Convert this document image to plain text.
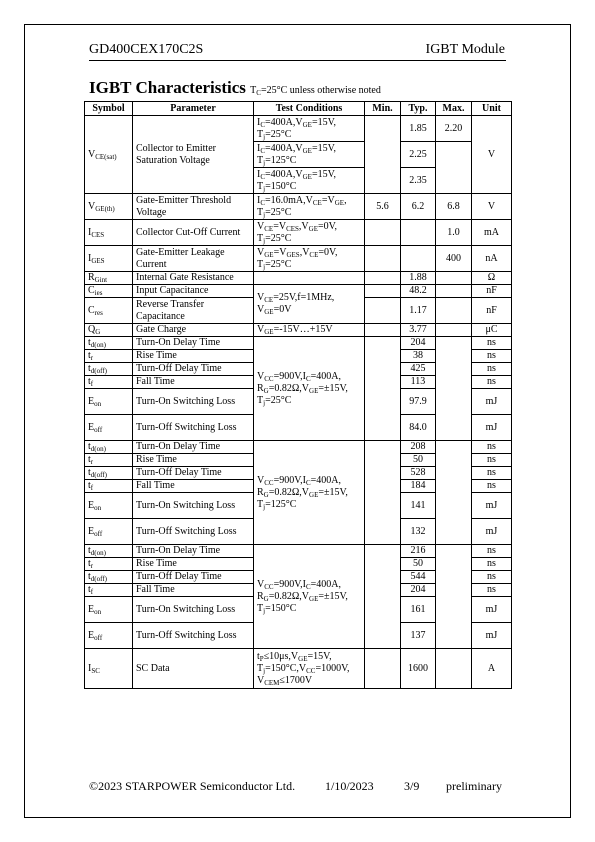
GD400CEX170C2S	IGBT Module
IGBT Characteristics $T_C=25^\circ C$ unless otherwise noted
Symbol	Parameter	Test Conditions	Min.	Typ.	Max.	Unit
$V_{CE(sat)}$	Collector to Emitter Saturation Voltage	$I_C=400A,V_{GE}=15V$, $T_j=25^\circ C$		1.85	2.20	V
		$I_C=400A,V_{GE}=15V$, $T_j=125^\circ C$		2.25		
		$I_C=400A,V_{GE}=15V$, $T_j=150^\circ C$		2.35		
$V_{GE(th)}$	Gate-Emitter Threshold Voltage	$I_C=16.0mA,V_{CE}=V_{GE}$, $T_j=25^\circ C$	5.6	6.2	6.8	V
$I_{CES}$	Collector Cut-Off Current	$V_{CE}=V_{CES},V_{GE}=0V$, $T_j=25^\circ C$			1.0	mA
$I_{GES}$	Gate-Emitter Leakage Current	$V_{GE}=V_{GES},V_{CE}=0V$, $T_j=25^\circ C$			400	nA
$R_{Gint}$	Internal Gate Resistance			1.88		Ω
$C_{ies}$	Input Capacitance	$V_{CE}=25V,f=1MHz$, $V_{GE}=0V$		48.2		nF
$C_{res}$	Reverse Transfer Capacitance			1.17		nF
$Q_G$	Gate Charge	$V_{GE}=-15V\dots+15V$		3.77		μC
$t_{d(on)}$	Turn-On Delay Time	$V_{CC}=900V,I_C=400A$, $R_G=0.82\Omega,V_{GE}=\pm 15V$, $T_j=25^\circ C$		204		ns
$t_r$	Rise Time			38		ns
$t_{d(off)}$	Turn-Off Delay Time			425		ns
$t_f$	Fall Time			113		ns
$E_{on}$	Turn-On Switching Loss			97.9		mJ
$E_{off}$	Turn-Off Switching Loss			84.0		mJ
$t_{d(on)}$	Turn-On Delay Time	$V_{CC}=900V,I_C=400A$, $R_G=0.82\Omega,V_{GE}=\pm 15V$, $T_j=125^\circ C$		208		ns
$t_r$	Rise Time			50		ns
$t_{d(off)}$	Turn-Off Delay Time			528		ns
$t_f$	Fall Time			184		ns
$E_{on}$	Turn-On Switching Loss			141		mJ
$E_{off}$	Turn-Off Switching Loss			132		mJ
$t_{d(on)}$	Turn-On Delay Time	$V_{CC}=900V,I_C=400A$, $R_G=0.82\Omega,V_{GE}=\pm 15V$, $T_j=150^\circ C$		216		ns
$t_r$	Rise Time			50		ns
$t_{d(off)}$	Turn-Off Delay Time			544		ns
$t_f$	Fall Time			204		ns
$E_{on}$	Turn-On Switching Loss			161		mJ
$E_{off}$	Turn-Off Switching Loss			137		mJ
$I_{SC}$	SC Data	$t_P\le 10\mu s,V_{GE}=15V$, $T_j=150^\circ C,V_{CC}=1000V$, $V_{CEM}\le 1700V$		1600		A
©2023 STARPOWER Semiconductor Ltd. 1/10/2023	3/9 preliminary
